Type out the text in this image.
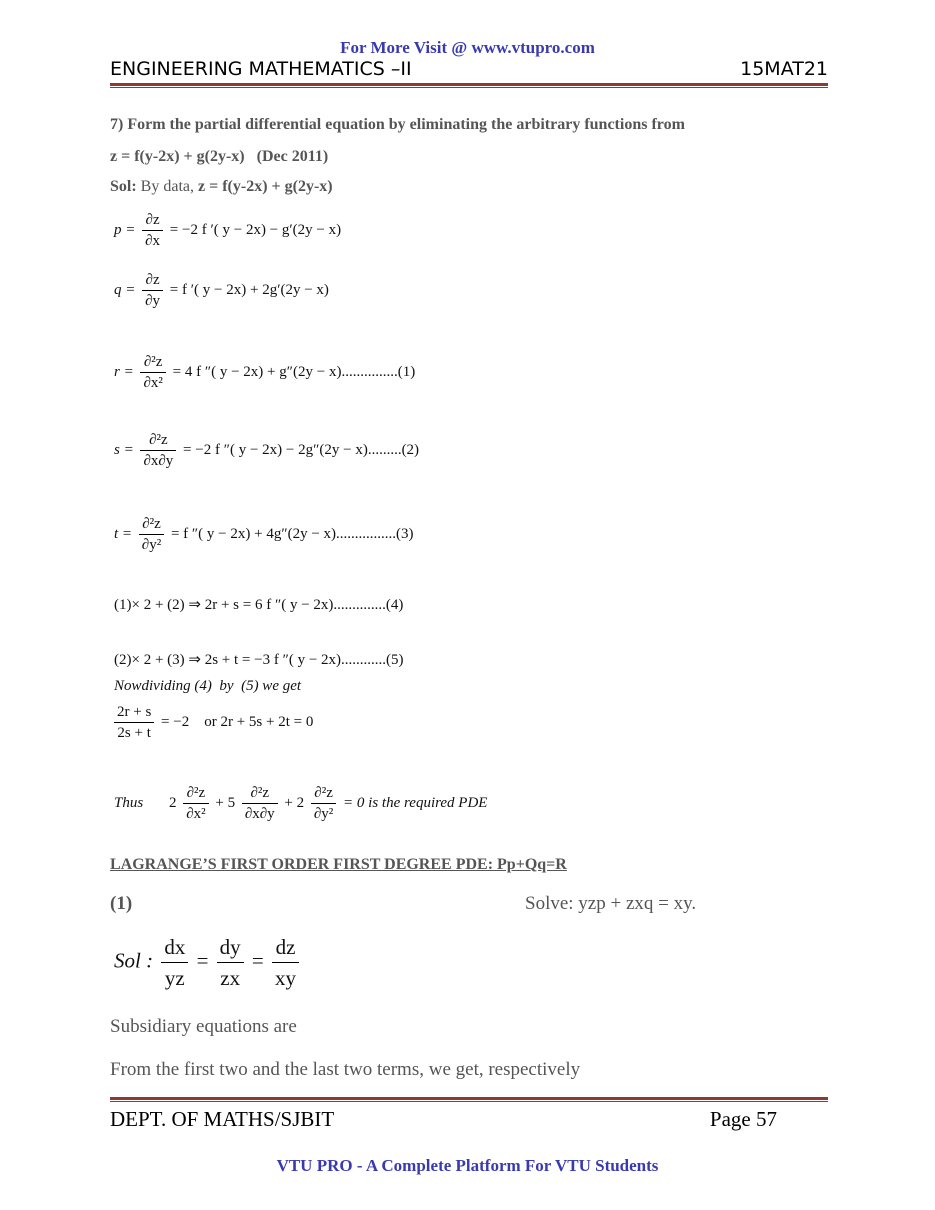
For More Visit @ www.vtupro.com
ENGINEERING MATHEMATICS –II	15MAT21
7) Form the partial differential equation by eliminating the arbitrary functions from
z = f(y-2x) + g(2y-x)   (Dec 2011)
Sol: By data, z = f(y-2x) + g(2y-x)
$p = \frac{\partial z}{\partial x} = -2$ f ′( y − 2x) − g′(2y − x)
$q = \frac{\partial z}{\partial y} = f$ ′( y − 2x) + 2g′(2y − x)
$r = \frac{\text{∂²z}}{\text{∂x²}} = 4$ f ″( y − 2x) + g″(2y − x)...............(1)
$s = \frac{\text{∂²z}}{\partial x\partial y} = -2$ f ″( y − 2x) − 2g″(2y − x).........(2)
$t = \frac{\text{∂²z}}{\text{∂y²}} = f$ ″( y − 2x) + 4g″(2y − x)................(3)
(1)× 2 + (2) ⇒ 2r + s = 6 f ″( y − 2x)..............(4)
(2)× 2 + (3) ⇒ 2s + t = −3 f ″( y − 2x)............(5)
Nowdividing (4)  by  (5) we get
$\frac{2r + s}{2s + t} = -2$    or 2r + 5s + 2t = 0
Thus $2 \frac{\text{∂²z}}{\text{∂x²}} + 5 \frac{\text{∂²z}}{\partial x\partial y} + 2 \frac{\text{∂²z}}{\text{∂y²}} = 0$ is the required PDE
LAGRANGE’S FIRST ORDER FIRST DEGREE PDE: Pp+Qq=R
(1)	Solve: yzp + zxq = xy.
Sol : $\frac{dx}{yz} = \frac{dy}{zx} = \frac{dz}{xy}$
Subsidiary equations are
From the first two and the last two terms, we get, respectively
DEPT. OF MATHS/SJBIT	Page 57
VTU PRO - A Complete Platform For VTU Students
